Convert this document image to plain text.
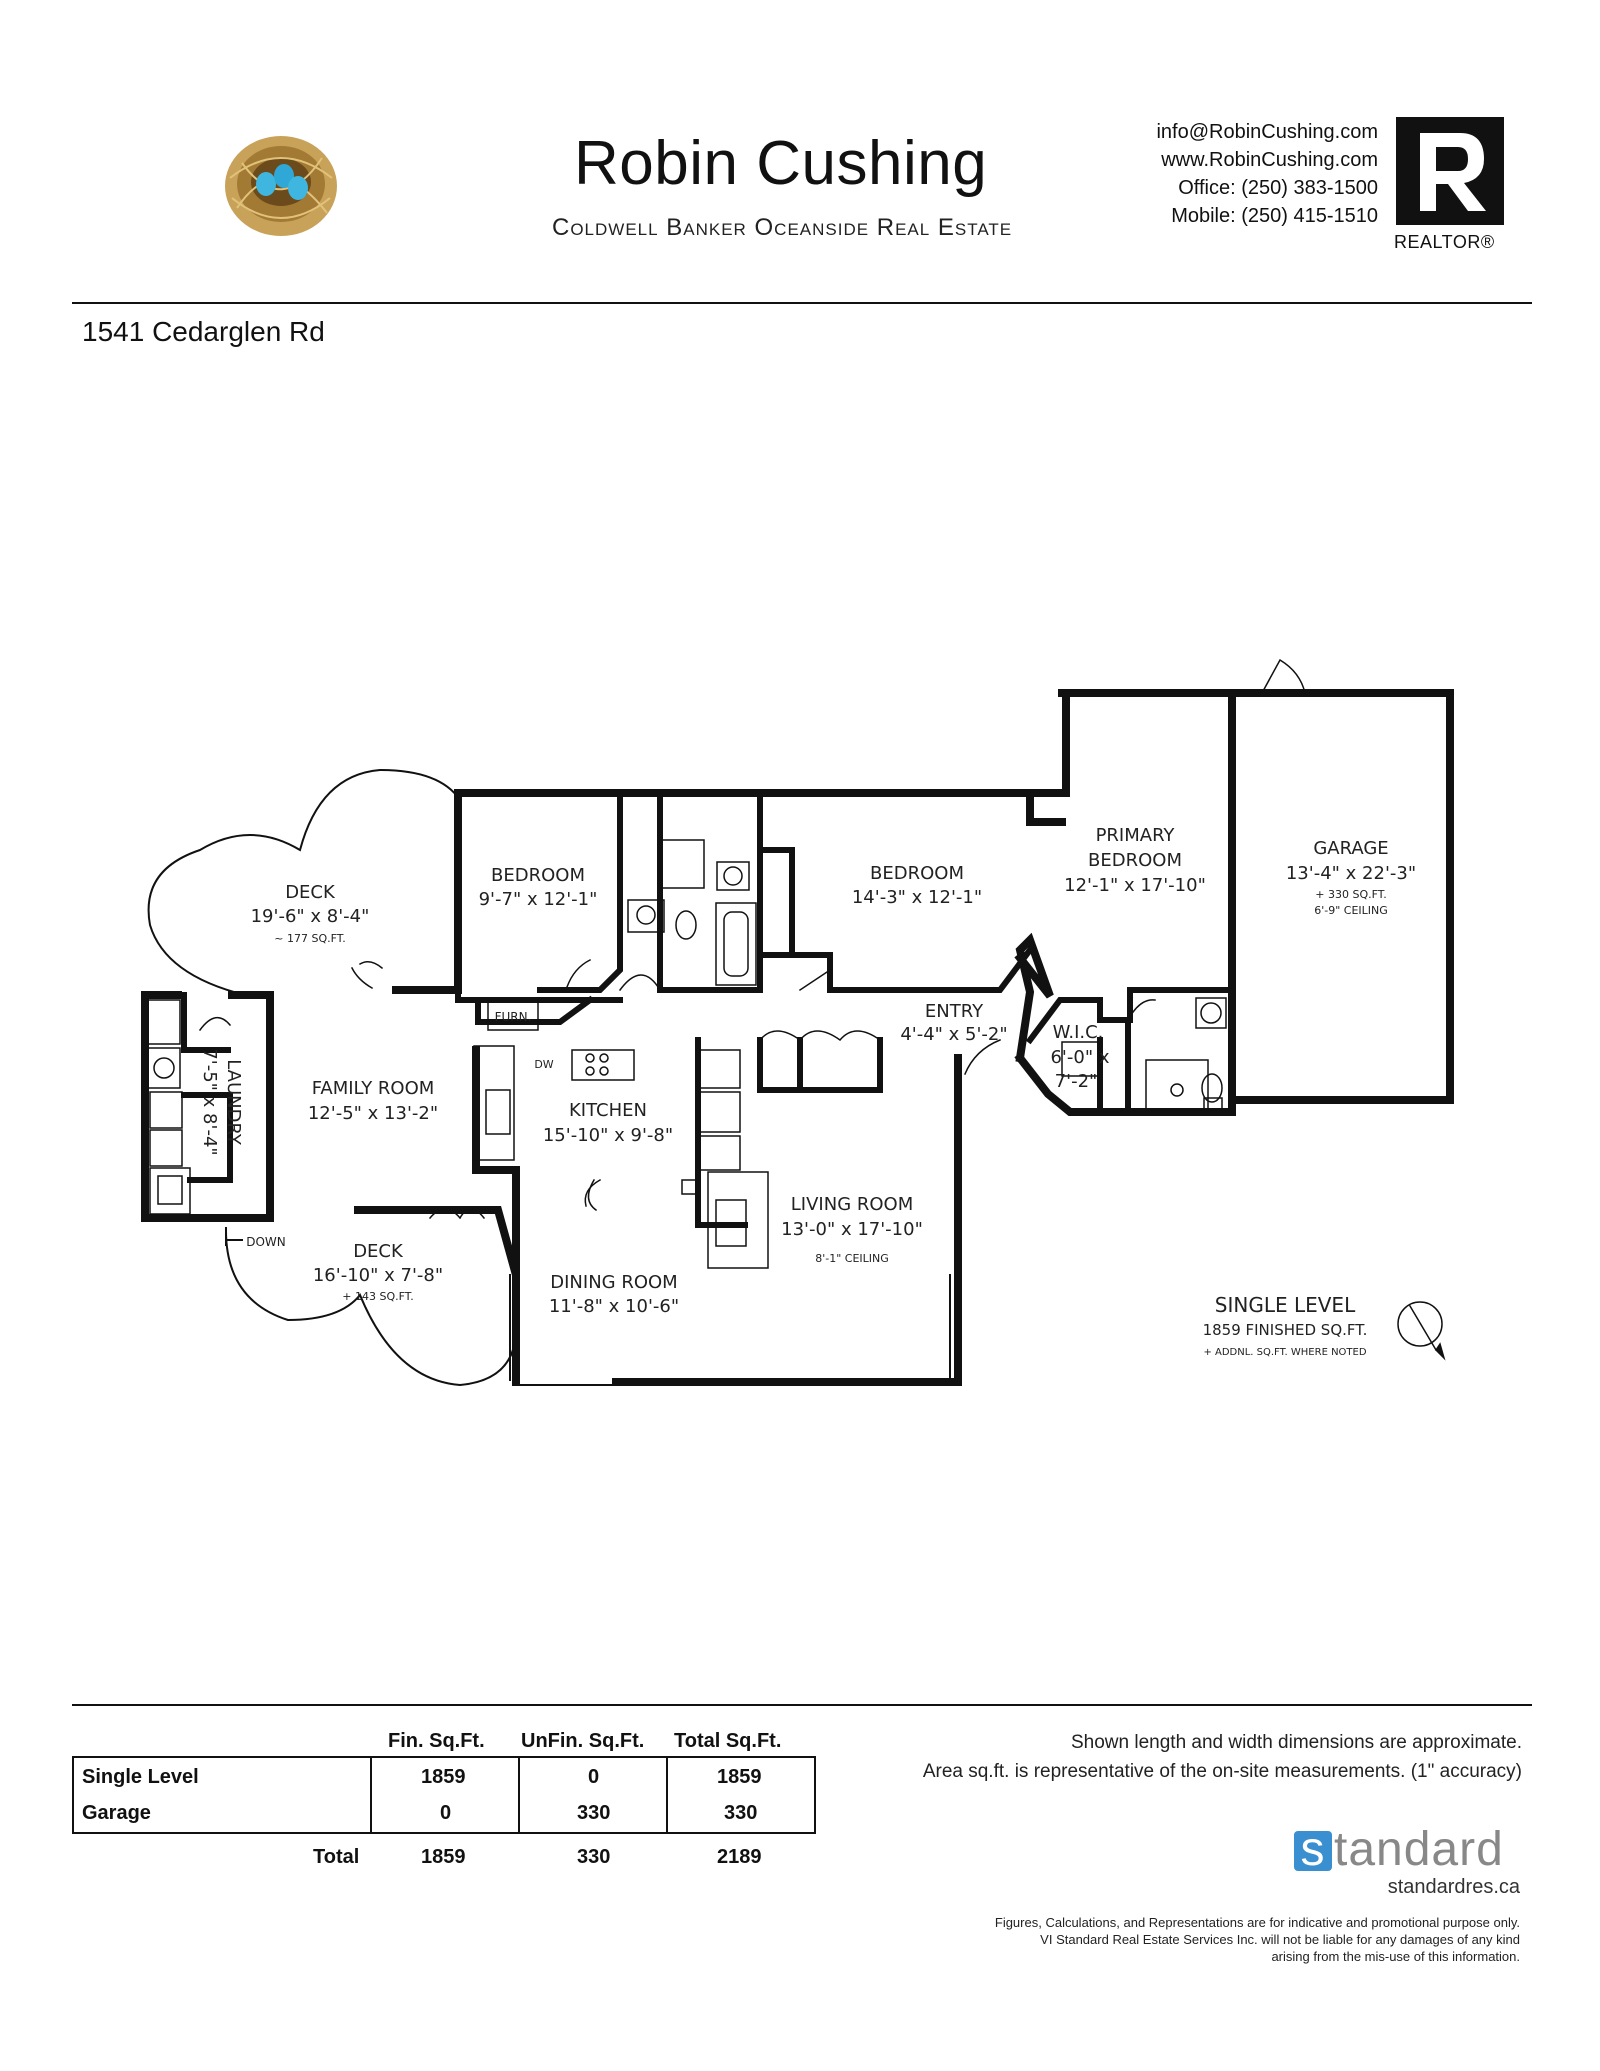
Robin Cushing
Coldwell Banker Oceanside Real Estate
info@RobinCushing.com
www.RobinCushing.com
Office: (250) 383-1500
Mobile: (250) 415-1510
REALTOR®
1541 Cedarglen Rd
DECK
19'-6" x 8'-4"
~ 177 SQ.FT.
BEDROOM
9'-7" x 12'-1"
BEDROOM
14'-3" x 12'-1"
PRIMARY
BEDROOM
12'-1" x 17'-10"
GARAGE
13'-4" x 22'-3"
+ 330 SQ.FT.
6'-9" CEILING
FURN.	ENTRY
4'-4" x 5'-2" W.I.C.
6'-0" x
7'-2"
FAMILY ROOM
12'-5" x 13'-2"
DW
KITCHEN
15'-10" x 9'-8"
LIVING ROOM
13'-0" x 17'-10"
8'-1" CEILING
DECK
16'-10" x 7'-8"
+ 143 SQ.FT.
DOWN
DINING ROOM
11'-8" x 10'-6"	SINGLE LEVEL
1859 FINISHED SQ.FT.
+ ADDNL. SQ.FT. WHERE NOTED
LAUNDRY
7'-5" x 8'-4"
Fin. Sq.Ft. UnFin. Sq.Ft. Total Sq.Ft.
Single Level	1859	0	1859
Garage	0	330	330
Total	1859	330	2189
Shown length and width dimensions are approximate.
Area sq.ft. is representative of the on-site measurements. (1" accuracy)
s tandard
standardres.ca
Figures, Calculations, and Representations are for indicative and promotional purpose only.
VI Standard Real Estate Services Inc. will not be liable for any damages of any kind
arising from the mis-use of this information.
